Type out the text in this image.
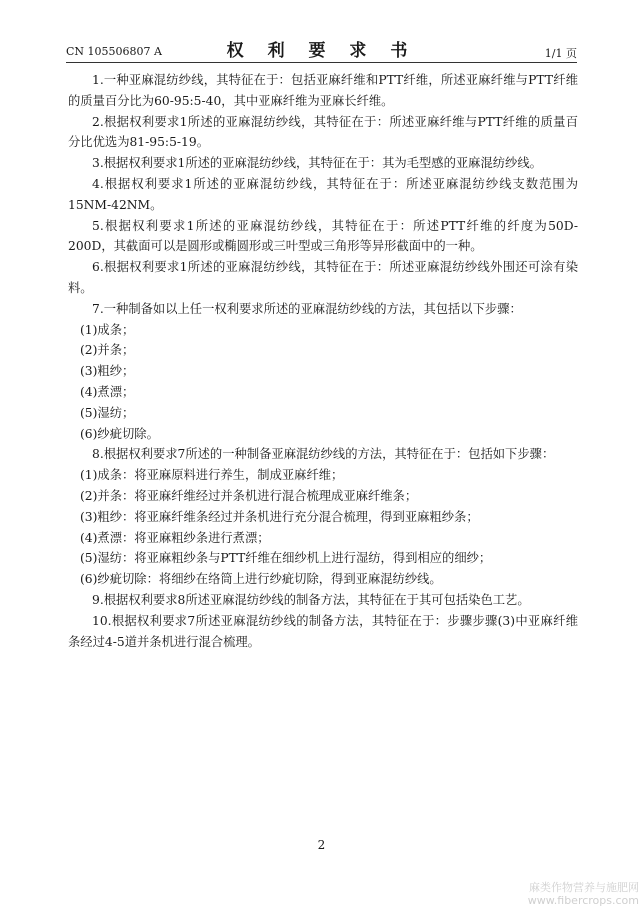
CN 105506807 A	权 利 要 求 书	1/1 页

1.一种亚麻混纺纱线，其特征在于：包括亚麻纤维和PTT纤维，所述亚麻纤维与PTT纤维的质量百分比为60-95:5-40，其中亚麻纤维为亚麻长纤维。

2.根据权利要求1所述的亚麻混纺纱线，其特征在于：所述亚麻纤维与PTT纤维的质量百分比优选为81-95:5-19。

3.根据权利要求1所述的亚麻混纺纱线，其特征在于：其为毛型感的亚麻混纺纱线。

4.根据权利要求1所述的亚麻混纺纱线，其特征在于：所述亚麻混纺纱线支数范围为15NM-42NM。

5.根据权利要求1所述的亚麻混纺纱线，其特征在于：所述PTT纤维的纤度为50D-200D，其截面可以是圆形或椭圆形或三叶型或三角形等异形截面中的一种。

6.根据权利要求1所述的亚麻混纺纱线，其特征在于：所述亚麻混纺纱线外围还可涂有染料。

7.一种制备如以上任一权利要求所述的亚麻混纺纱线的方法，其包括以下步骤：

(1)成条；

(2)并条；

(3)粗纱；

(4)煮漂；

(5)湿纺；

(6)纱疵切除。

8.根据权利要求7所述的一种制备亚麻混纺纱线的方法，其特征在于：包括如下步骤：

(1)成条：将亚麻原料进行养生，制成亚麻纤维；

(2)并条：将亚麻纤维经过并条机进行混合梳理成亚麻纤维条；

(3)粗纱：将亚麻纤维条经过并条机进行充分混合梳理，得到亚麻粗纱条；

(4)煮漂：将亚麻粗纱条进行煮漂；

(5)湿纺：将亚麻粗纱条与PTT纤维在细纱机上进行湿纺，得到相应的细纱；

(6)纱疵切除：将细纱在络筒上进行纱疵切除，得到亚麻混纺纱线。

9.根据权利要求8所述亚麻混纺纱线的制备方法，其特征在于其可包括染色工艺。

10.根据权利要求7所述亚麻混纺纱线的制备方法，其特征在于：步骤步骤(3)中亚麻纤维条经过4-5道并条机进行混合梳理。

2
麻类作物营养与施肥网
www.fibercrops.com
